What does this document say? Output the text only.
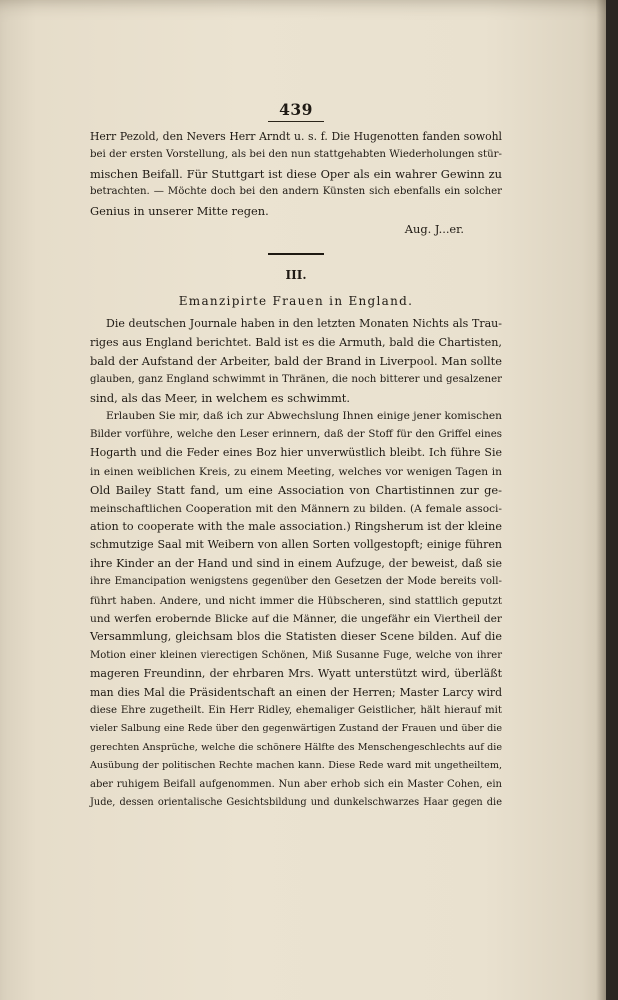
439
Herr Pezold, den Nevers Herr Arndt u. s. f. Die Hugenotten fanden sowohl
bei der ersten Vorstellung, als bei den nun stattgehabten Wiederholungen stür-
mischen Beifall. Für Stuttgart ist diese Oper als ein wahrer Gewinn zu
betrachten. — Möchte doch bei den andern Künsten sich ebenfalls ein solcher
Genius in unserer Mitte regen.
Aug. J...er.
III.
Emanzipirte Frauen in England.
Die deutschen Journale haben in den letzten Monaten Nichts als Trau-
riges aus England berichtet. Bald ist es die Armuth, bald die Chartisten,
bald der Aufstand der Arbeiter, bald der Brand in Liverpool. Man sollte
glauben, ganz England schwimmt in Thränen, die noch bitterer und gesalzener
sind, als das Meer, in welchem es schwimmt.
Erlauben Sie mir, daß ich zur Abwechslung Ihnen einige jener komischen
Bilder vorführe, welche den Leser erinnern, daß der Stoff für den Griffel eines
Hogarth und die Feder eines Boz hier unverwüstlich bleibt. Ich führe Sie
in einen weiblichen Kreis, zu einem Meeting, welches vor wenigen Tagen in
Old Bailey Statt fand, um eine Association von Chartistinnen zur ge-
meinschaftlichen Cooperation mit den Männern zu bilden. (A female associ-
ation to cooperate with the male association.) Ringsherum ist der kleine
schmutzige Saal mit Weibern von allen Sorten vollgestopft; einige führen
ihre Kinder an der Hand und sind in einem Aufzuge, der beweist, daß sie
ihre Emancipation wenigstens gegenüber den Gesetzen der Mode bereits voll-
führt haben. Andere, und nicht immer die Hübscheren, sind stattlich geputzt
und werfen erobernde Blicke auf die Männer, die ungefähr ein Viertheil der
Versammlung, gleichsam blos die Statisten dieser Scene bilden. Auf die
Motion einer kleinen vierectigen Schönen, Miß Susanne Fuge, welche von ihrer
mageren Freundinn, der ehrbaren Mrs. Wyatt unterstützt wird, überläßt
man dies Mal die Präsidentschaft an einen der Herren; Master Larcy wird
diese Ehre zugetheilt. Ein Herr Ridley, ehemaliger Geistlicher, hält hierauf mit
vieler Salbung eine Rede über den gegenwärtigen Zustand der Frauen und über die
gerechten Ansprüche, welche die schönere Hälfte des Menschengeschlechts auf die
Ausübung der politischen Rechte machen kann. Diese Rede ward mit ungetheiltem,
aber ruhigem Beifall aufgenommen. Nun aber erhob sich ein Master Cohen, ein
Jude, dessen orientalische Gesichtsbildung und dunkelschwarzes Haar gegen die
